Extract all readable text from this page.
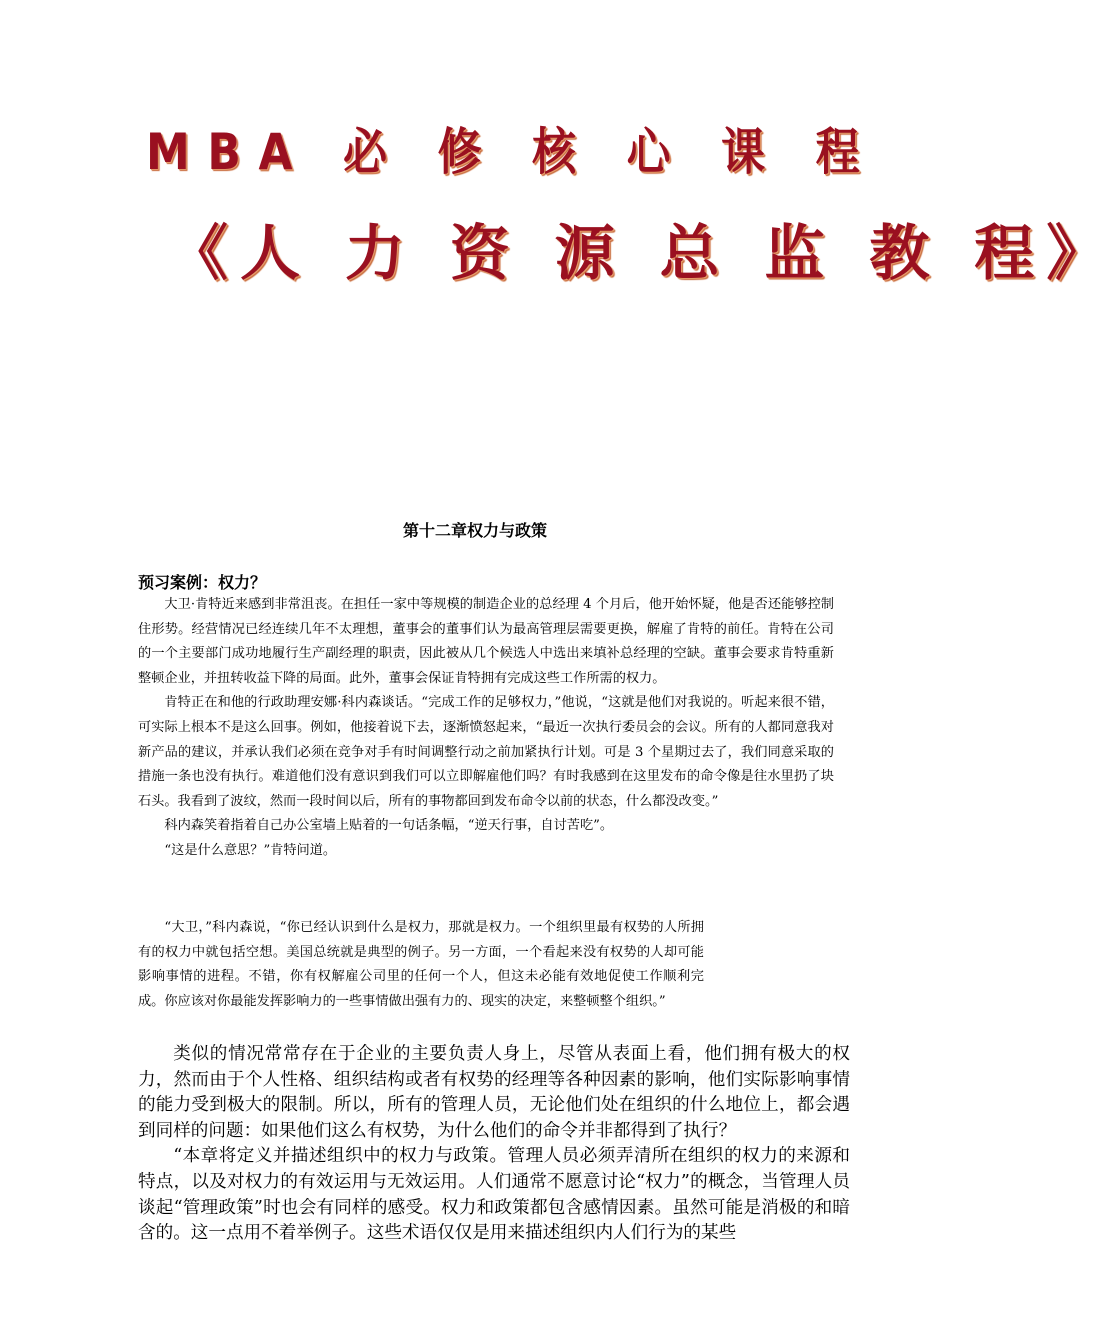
MBA 必 修 核 心 课 程
《人 力 资 源 总 监 教 程》
第十二章权力与政策
预习案例：权力？

大卫·肯特近来感到非常沮丧。在担任一家中等规模的制造企业的总经理 4 个月后，他开始怀疑，他是否还能够控制住形势。经营情况已经连续几年不太理想，董事会的董事们认为最高管理层需要更换，解雇了肯特的前任。肯特在公司的一个主要部门成功地履行生产副经理的职责，因此被从几个候选人中选出来填补总经理的空缺。董事会要求肯特重新整顿企业，并扭转收益下降的局面。此外，董事会保证肯特拥有完成这些工作所需的权力。

肯特正在和他的行政助理安娜·科内森谈话。“完成工作的足够权力，”他说，“这就是他们对我说的。听起来很不错，可实际上根本不是这么回事。例如，他接着说下去，逐渐愤怒起来，“最近一次执行委员会的会议。所有的人都同意我对新产品的建议，并承认我们必须在竞争对手有时间调整行动之前加紧执行计划。可是 3 个星期过去了，我们同意采取的措施一条也没有执行。难道他们没有意识到我们可以立即解雇他们吗？有时我感到在这里发布的命令像是往水里扔了块石头。我看到了波纹，然而一段时间以后，所有的事物都回到发布命令以前的状态，什么都没改变。”

科内森笑着指着自己办公室墙上贴着的一句话条幅，“逆天行事，自讨苦吃”。

“这是什么意思？”肯特问道。

“大卫，”科内森说，“你已经认识到什么是权力，那就是权力。一个组织里最有权势的人所拥有的权力中就包括空想。美国总统就是典型的例子。另一方面，一个看起来没有权势的人却可能影响事情的进程。不错，你有权解雇公司里的任何一个人，但这未必能有效地促使工作顺利完成。你应该对你最能发挥影响力的一些事情做出强有力的、现实的决定，来整顿整个组织。”

类似的情况常常存在于企业的主要负责人身上，尽管从表面上看，他们拥有极大的权力，然而由于个人性格、组织结构或者有权势的经理等各种因素的影响，他们实际影响事情的能力受到极大的限制。所以，所有的管理人员，无论他们处在组织的什么地位上，都会遇到同样的问题：如果他们这么有权势，为什么他们的命令并非都得到了执行？

“本章将定义并描述组织中的权力与政策。管理人员必须弄清所在组织的权力的来源和特点，以及对权力的有效运用与无效运用。人们通常不愿意讨论“权力”的概念，当管理人员谈起“管理政策”时也会有同样的感受。权力和政策都包含感情因素。虽然可能是消极的和暗含的。这一点用不着举例子。这些术语仅仅是用来描述组织内人们行为的某些
